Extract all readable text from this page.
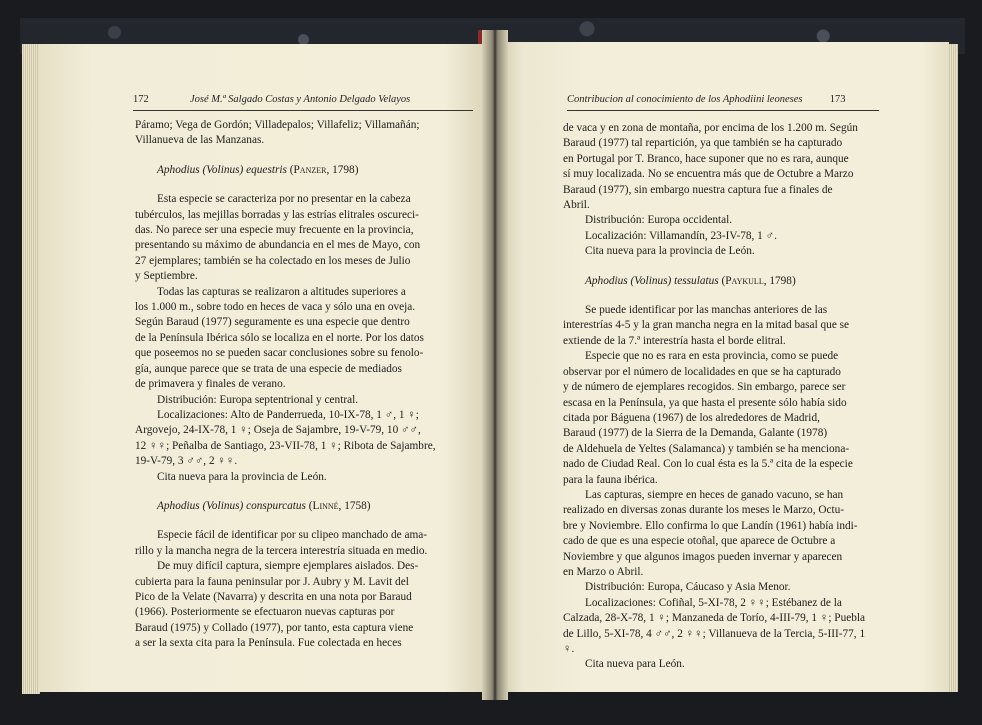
172	José M.ª Salgado Costas y Antonio Delgado Velayos

Páramo; Vega de Gordón; Villadepalos; Villafeliz; Villamañán;

Villanueva de las Manzanas.

Aphodius (Volinus) equestris (Panzer, 1798)

Esta especie se caracteriza por no presentar en la cabeza

tubérculos, las mejillas borradas y las estrías elitrales oscureci-

das. No parece ser una especie muy frecuente en la provincia,

presentando su máximo de abundancia en el mes de Mayo, con

27 ejemplares; también se ha colectado en los meses de Julio

y Septiembre.

Todas las capturas se realizaron a altitudes superiores a

los 1.000 m., sobre todo en heces de vaca y sólo una en oveja.

Según Baraud (1977) seguramente es una especie que dentro

de la Península Ibérica sólo se localiza en el norte. Por los datos

que poseemos no se pueden sacar conclusiones sobre su fenolo-

gía, aunque parece que se trata de una especie de mediados

de primavera y finales de verano.

Distribución: Europa septentrional y central.

Localizaciones: Alto de Panderrueda, 10-IX-78, 1 ♂, 1 ♀;

Argovejo, 24-IX-78, 1 ♀; Oseja de Sajambre, 19-V-79, 10 ♂♂,

12 ♀♀; Peñalba de Santiago, 23-VII-78, 1 ♀; Ribota de Sajambre,

19-V-79, 3 ♂♂, 2 ♀♀.

Cita nueva para la provincia de León.

Aphodius (Volinus) conspurcatus (Linné, 1758)

Especie fácil de identificar por su clipeo manchado de ama-

rillo y la mancha negra de la tercera interestría situada en medio.

De muy difícil captura, siempre ejemplares aislados. Des-

cubierta para la fauna peninsular por J. Aubry y M. Lavit del

Pico de la Velate (Navarra) y descrita en una nota por Baraud

(1966). Posteriormente se efectuaron nuevas capturas por

Baraud (1975) y Collado (1977), por tanto, esta captura viene

a ser la sexta cita para la Península. Fue colectada en heces

Contribucion al conocimiento de los Aphodiini leoneses	173

de vaca y en zona de montaña, por encima de los 1.200 m. Según

Baraud (1977) tal repartición, ya que también se ha capturado

en Portugal por T. Branco, hace suponer que no es rara, aunque

sí muy localizada. No se encuentra más que de Octubre a Marzo

Baraud (1977), sin embargo nuestra captura fue a finales de

Abril.

Distribución: Europa occidental.

Localización: Villamandín, 23-IV-78, 1 ♂.

Cita nueva para la provincia de León.

Aphodius (Volinus) tessulatus (Paykull, 1798)

Se puede identificar por las manchas anteriores de las

interestrías 4-5 y la gran mancha negra en la mitad basal que se

extiende de la 7.ª interestría hasta el borde elitral.

Especie que no es rara en esta provincia, como se puede

observar por el número de localidades en que se ha capturado

y de número de ejemplares recogidos. Sin embargo, parece ser

escasa en la Península, ya que hasta el presente sólo había sido

citada por Báguena (1967) de los alrededores de Madrid,

Baraud (1977) de la Sierra de la Demanda, Galante (1978)

de Aldehuela de Yeltes (Salamanca) y también se ha menciona-

nado de Ciudad Real. Con lo cual ésta es la 5.ª cita de la especie

para la fauna ibérica.

Las capturas, siempre en heces de ganado vacuno, se han

realizado en diversas zonas durante los meses le Marzo, Octu-

bre y Noviembre. Ello confirma lo que Landín (1961) había indi-

cado de que es una especie otoñal, que aparece de Octubre a

Noviembre y que algunos imagos pueden invernar y aparecen

en Marzo o Abril.

Distribución: Europa, Cáucaso y Asia Menor.

Localizaciones: Cofiñal, 5-XI-78, 2 ♀♀; Estébanez de la

Calzada, 28-X-78, 1 ♀; Manzaneda de Torío, 4-III-79, 1 ♀; Puebla

de Lillo, 5-XI-78, 4 ♂♂, 2 ♀♀; Villanueva de la Tercia, 5-III-77, 1 ♀.

Cita nueva para León.
